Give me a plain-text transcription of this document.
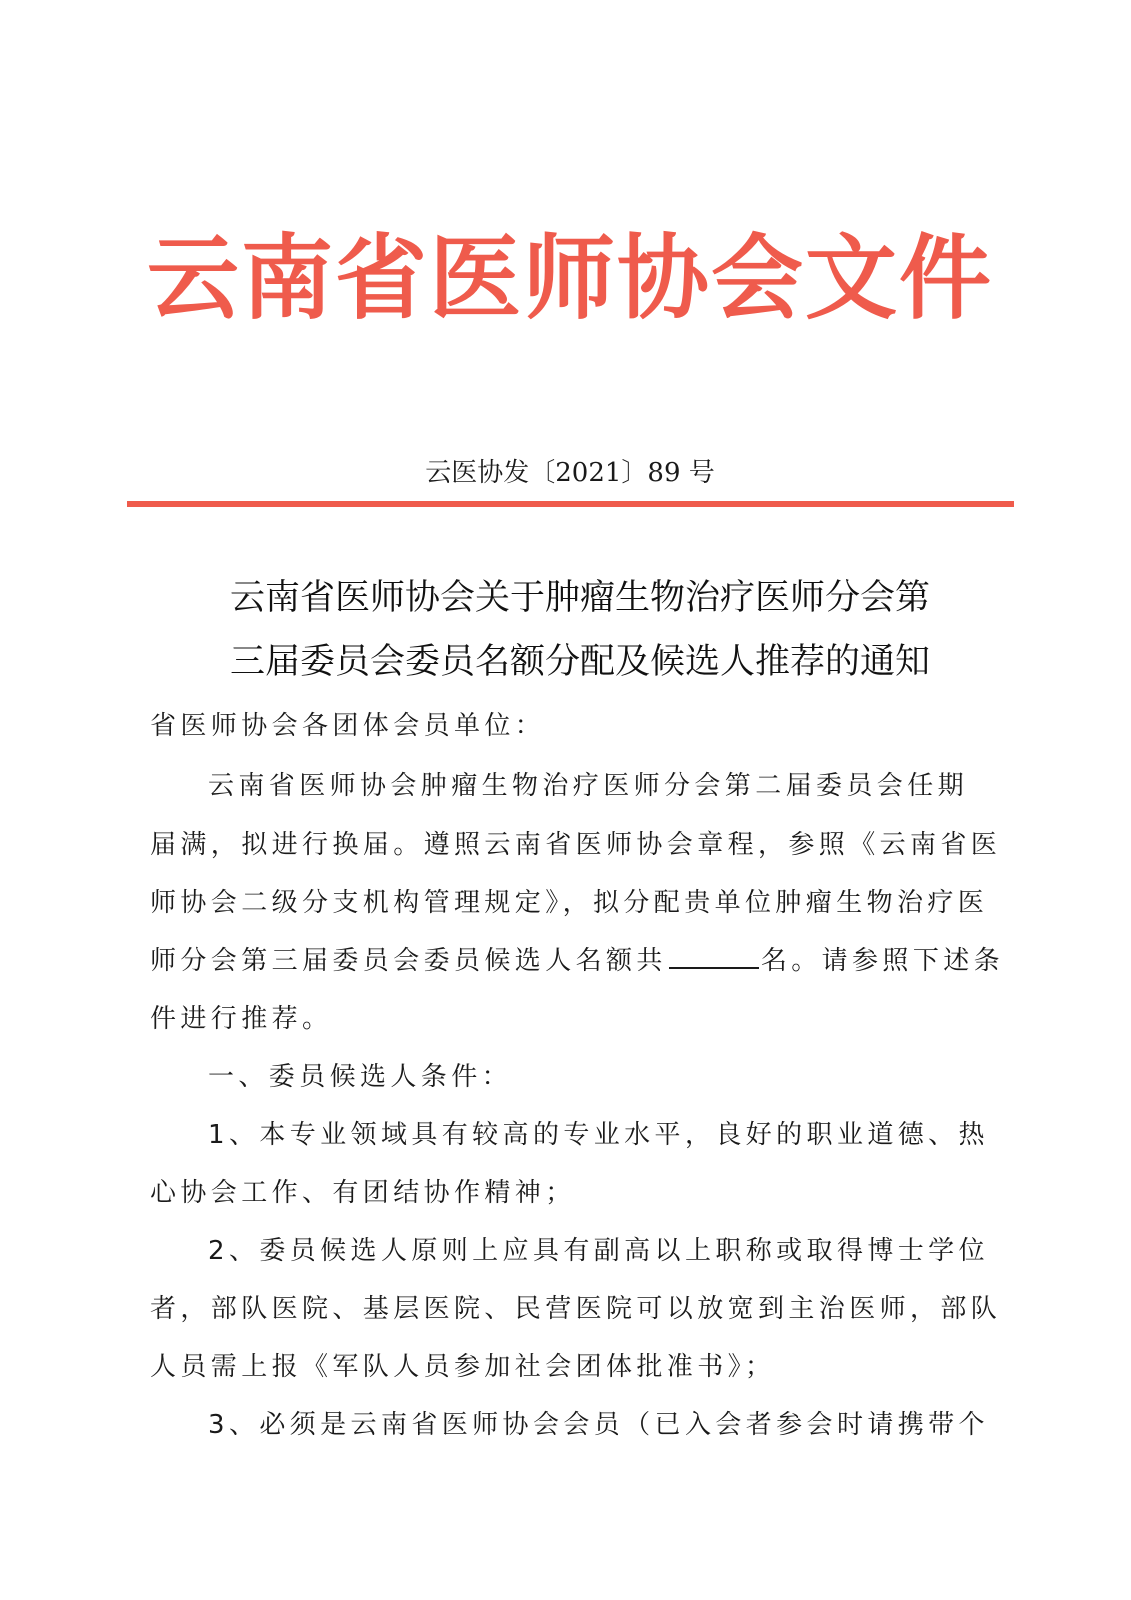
云南省医师协会文件
云医协发〔2021〕89 号
云南省医师协会关于肿瘤生物治疗医师分会第
三届委员会委员名额分配及候选人推荐的通知
省医师协会各团体会员单位：
云南省医师协会肿瘤生物治疗医师分会第二届委员会任期
届满，拟进行换届。遵照云南省医师协会章程，参照《云南省医
师协会二级分支机构管理规定》，拟分配贵单位肿瘤生物治疗医
师分会第三届委员会委员候选人名额共	名。请参照下述条
件进行推荐。
一、委员候选人条件：
1、本专业领域具有较高的专业水平，良好的职业道德、热
心协会工作、有团结协作精神；
2、委员候选人原则上应具有副高以上职称或取得博士学位
者，部队医院、基层医院、民营医院可以放宽到主治医师，部队
人员需上报《军队人员参加社会团体批准书》；
3、必须是云南省医师协会会员（已入会者参会时请携带个
